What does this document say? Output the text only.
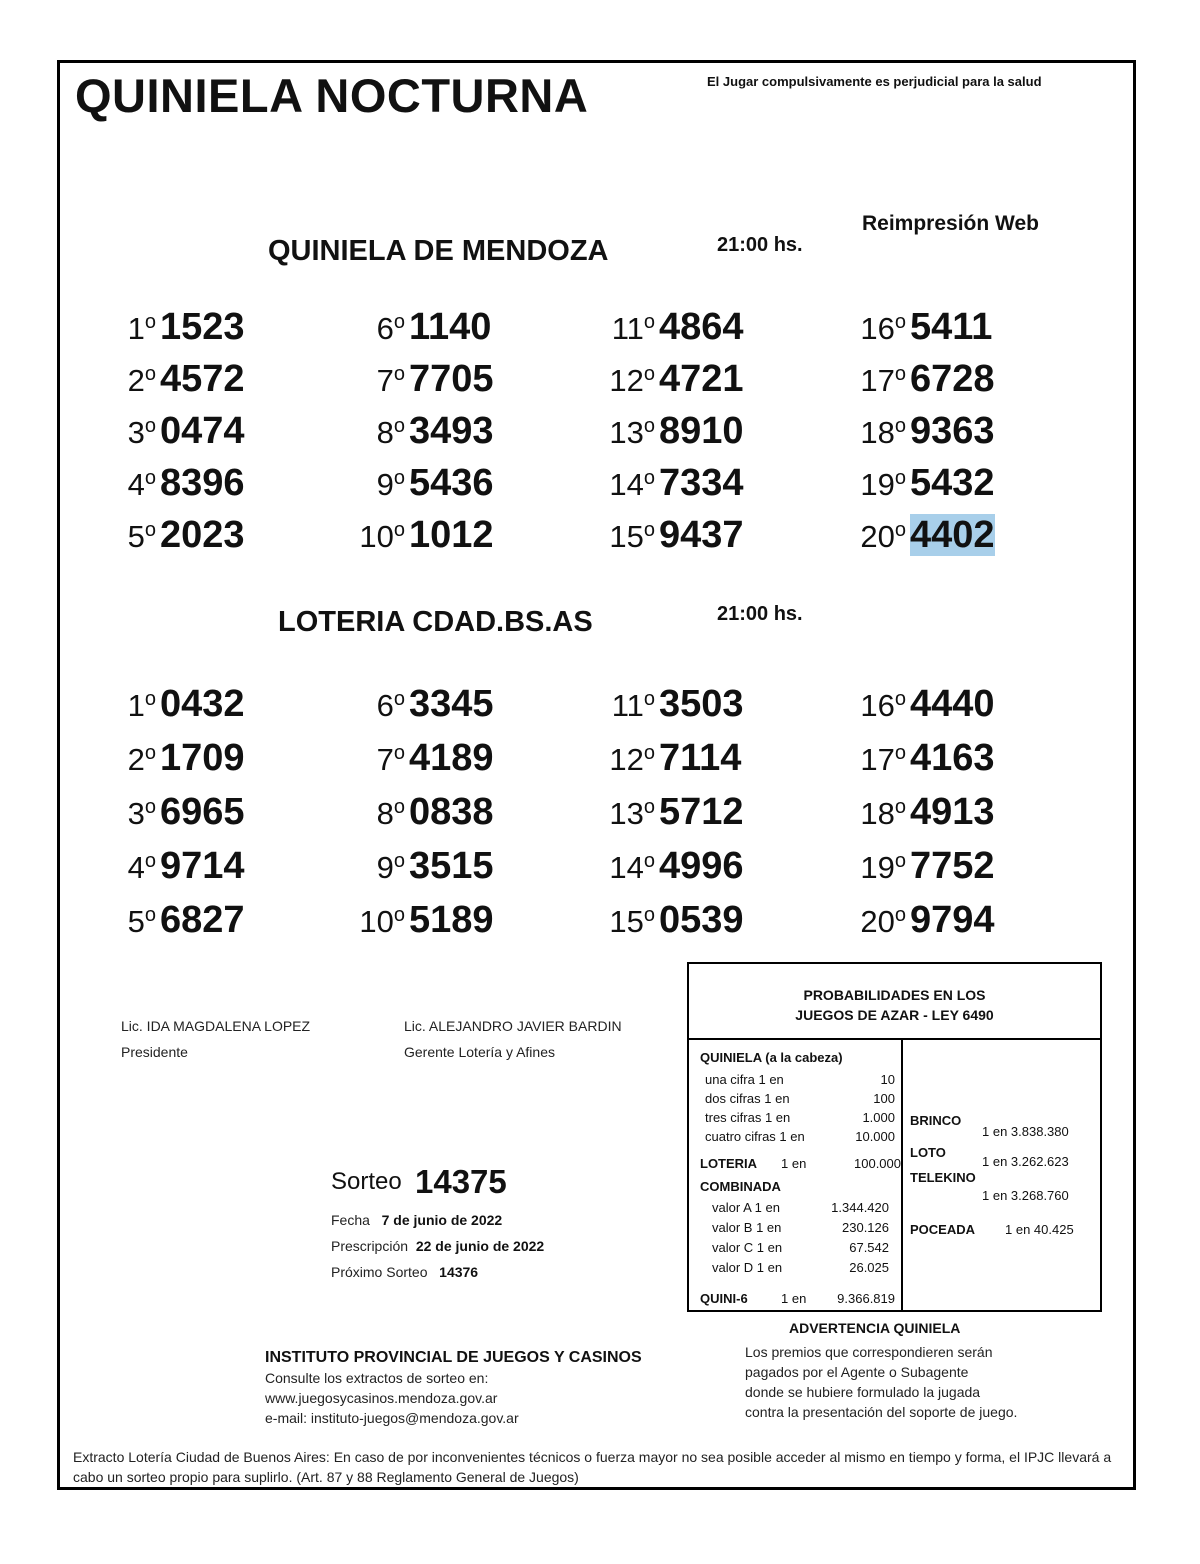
QUINIELA NOCTURNA	El Jugar compulsivamente es perjudicial para la salud
Reimpresión Web
QUINIELA DE MENDOZA	21:00 hs.
1$^o$ 1523
2$^o$ 4572
3$^o$ 0474
4$^o$ 8396
5$^o$ 2023
6$^o$ 1140
7$^o$ 7705
8$^o$ 3493
9$^o$ 5436
10$^o$ 1012
11$^o$ 4864
12$^o$ 4721
13$^o$ 8910
14$^o$ 7334
15$^o$ 9437
16$^o$ 5411
17$^o$ 6728
18$^o$ 9363
19$^o$ 5432
20$^o$ 4402
LOTERIA CDAD.BS.AS	21:00 hs.
1$^o$ 0432
2$^o$ 1709
3$^o$ 6965
4$^o$ 9714
5$^o$ 6827
6$^o$ 3345
7$^o$ 4189
8$^o$ 0838
9$^o$ 3515
10$^o$ 5189
11$^o$ 3503
12$^o$ 7114
13$^o$ 5712
14$^o$ 4996
15$^o$ 0539
16$^o$ 4440
17$^o$ 4163
18$^o$ 4913
19$^o$ 7752
20$^o$ 9794
Lic. IDA MAGDALENA LOPEZ
Presidente
Lic. ALEJANDRO JAVIER BARDIN
Gerente Lotería y Afines
Sorteo 14375
Fecha 7 de junio de 2022
Prescripción 22 de junio de 2022
Próximo Sorteo 14376
PROBABILIDADES EN LOS
JUEGOS DE AZAR - LEY 6490
QUINIELA (a la cabeza)
una cifra 1 en	10
dos cifras 1 en	100
tres cifras 1 en	1.000
cuatro cifras 1 en	10.000
LOTERIA 1 en	100.000
COMBINADA
valor A 1 en	1.344.420
valor B 1 en	230.126
valor C 1 en	67.542
valor D 1 en	26.025
QUINI-6	1 en	9.366.819
BRINCO
1 en 3.838.380
LOTO
1 en 3.262.623
TELEKINO
1 en 3.268.760
POCEADA 1 en 40.425
INSTITUTO PROVINCIAL DE JUEGOS Y CASINOS
Consulte los extractos de sorteo en:
www.juegosycasinos.mendoza.gov.ar
e-mail: instituto-juegos@mendoza.gov.ar
ADVERTENCIA QUINIELA
Los premios que correspondieren serán
pagados por el Agente o Subagente
donde se hubiere formulado la jugada
contra la presentación del soporte de juego.
Extracto Lotería Ciudad de Buenos Aires: En caso de por inconvenientes técnicos o fuerza mayor no sea posible acceder al mismo en tiempo y forma, el IPJC llevará a cabo un sorteo propio para suplirlo. (Art. 87 y 88 Reglamento General de Juegos)
